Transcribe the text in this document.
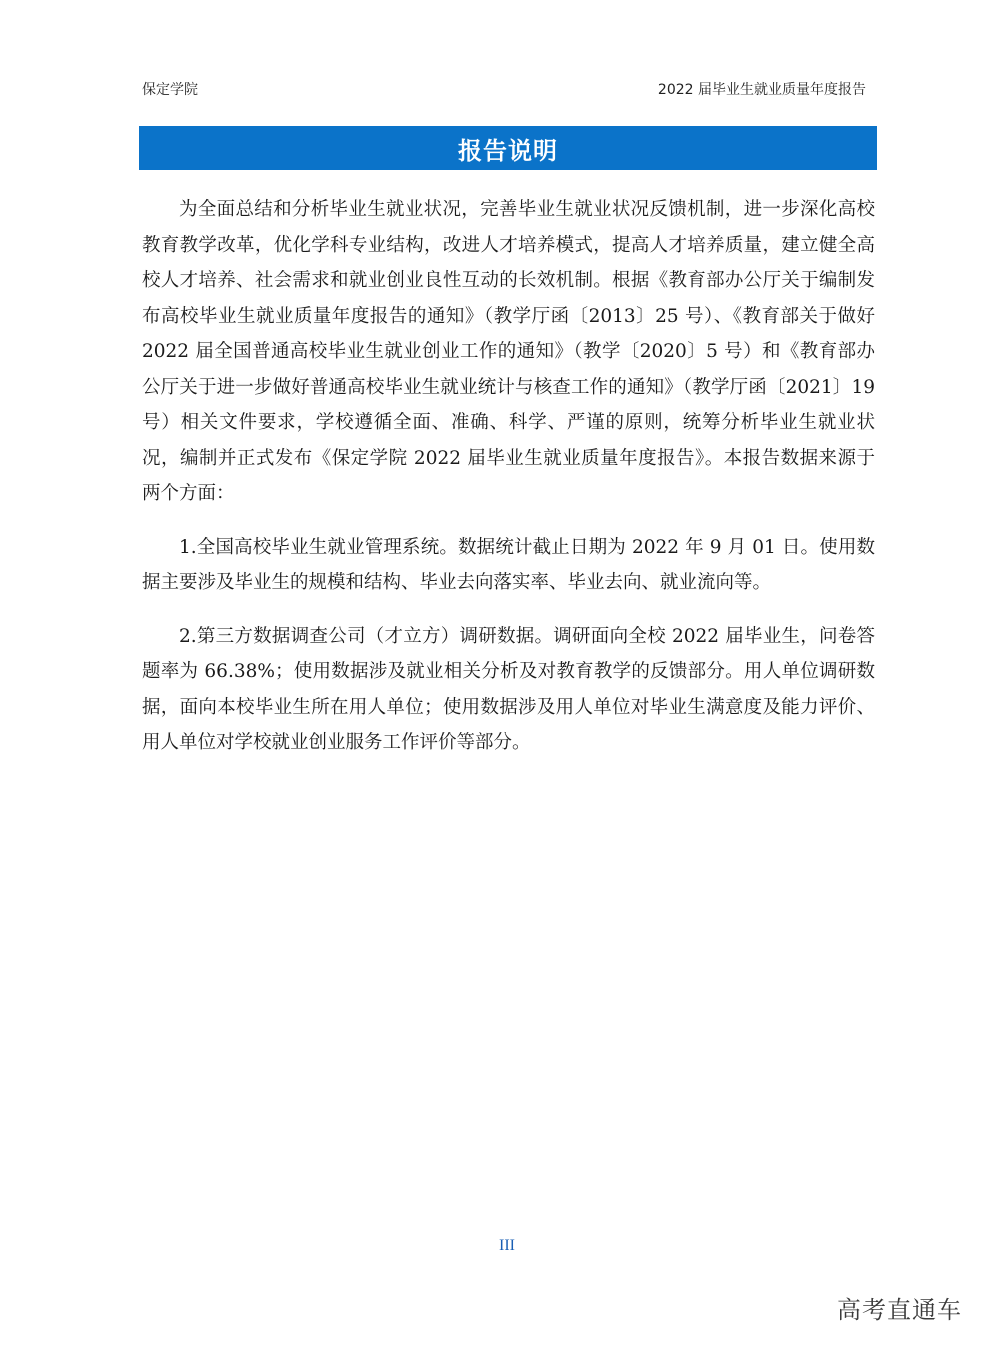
保定学院	2022 届毕业生就业质量年度报告
报告说明

为全面总结和分析毕业生就业状况，完善毕业生就业状况反馈机制，进一步深化高校教育教学改革，优化学科专业结构，改进人才培养模式，提高人才培养质量，建立健全高校人才培养、社会需求和就业创业良性互动的长效机制。根据《教育部办公厅关于编制发布高校毕业生就业质量年度报告的通知》（教学厅函〔2013〕25 号）、《教育部关于做好 2022 届全国普通高校毕业生就业创业工作的通知》（教学〔2020〕5 号）和《教育部办公厅关于进一步做好普通高校毕业生就业统计与核查工作的通知》（教学厅函〔2021〕19 号）相关文件要求，学校遵循全面、准确、科学、严谨的原则，统筹分析毕业生就业状况，编制并正式发布《保定学院 2022 届毕业生就业质量年度报告》。本报告数据来源于两个方面：

1.全国高校毕业生就业管理系统。数据统计截止日期为 2022 年 9 月 01 日。使用数据主要涉及毕业生的规模和结构、毕业去向落实率、毕业去向、就业流向等。

2.第三方数据调查公司（才立方）调研数据。调研面向全校 2022 届毕业生，问卷答题率为 66.38%；使用数据涉及就业相关分析及对教育教学的反馈部分。用人单位调研数据，面向本校毕业生所在用人单位；使用数据涉及用人单位对毕业生满意度及能力评价、用人单位对学校就业创业服务工作评价等部分。

III
高考直通车
